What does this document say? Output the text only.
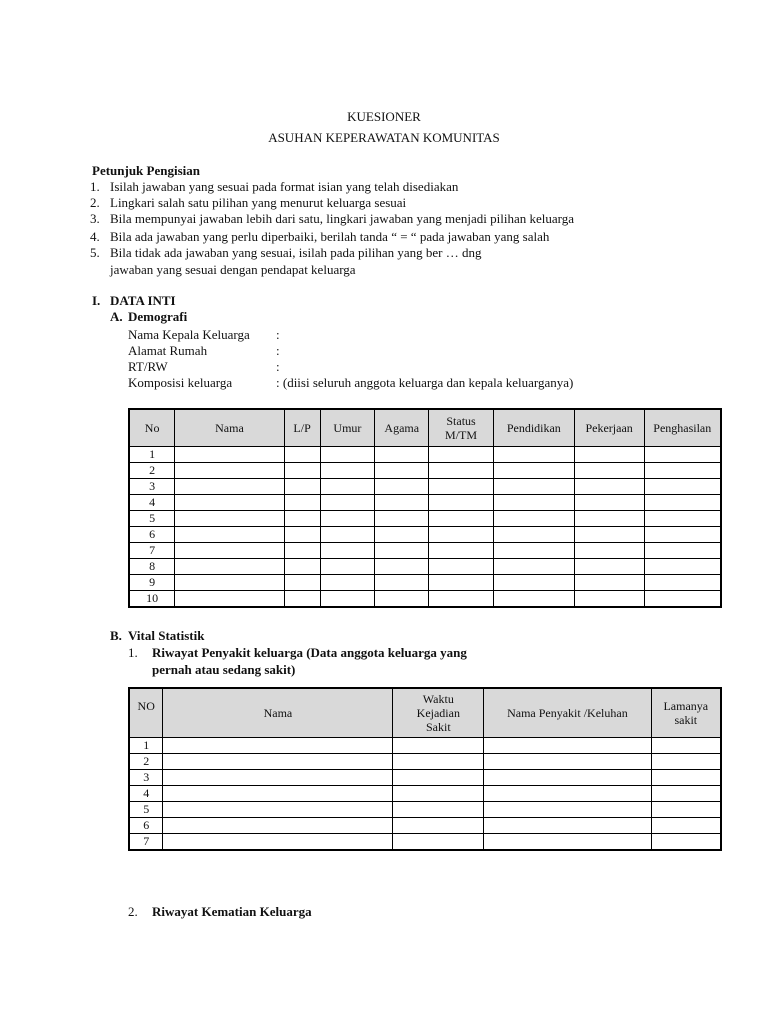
KUESIONER
ASUHAN KEPERAWATAN KOMUNITAS
Petunjuk Pengisian
1. Isilah jawaban yang sesuai pada format isian yang telah disediakan
2. Lingkari salah satu pilihan yang menurut keluarga sesuai
3. Bila mempunyai jawaban lebih dari satu, lingkari jawaban yang menjadi pilihan keluarga
4. Bila ada jawaban yang perlu diperbaiki, berilah tanda “ = “ pada jawaban yang salah
5. Bila tidak ada jawaban yang sesuai, isilah pada pilihan yang ber … dng
jawaban yang sesuai dengan pendapat keluarga
I. DATA INTI
A. Demografi
Nama Kepala Keluarga :
Alamat Rumah	:
RT/RW	:
Komposisi keluarga	: (diisi seluruh anggota keluarga dan kepala keluarganya)
No	Nama	L/P	Umur	Agama	Status
M/TM	Pendidikan	Pekerjaan	Penghasilan
1								
2								
3								
4								
5								
6								
7								
8								
9								
10								
B. Vital Statistik
1. Riwayat Penyakit keluarga (Data anggota keluarga yang
pernah atau sedang sakit)
NO	Nama	Waktu
Kejadian
Sakit	Nama Penyakit /Keluhan	Lamanya
sakit
1				
2				
3				
4				
5				
6				
7				
2. Riwayat Kematian Keluarga
